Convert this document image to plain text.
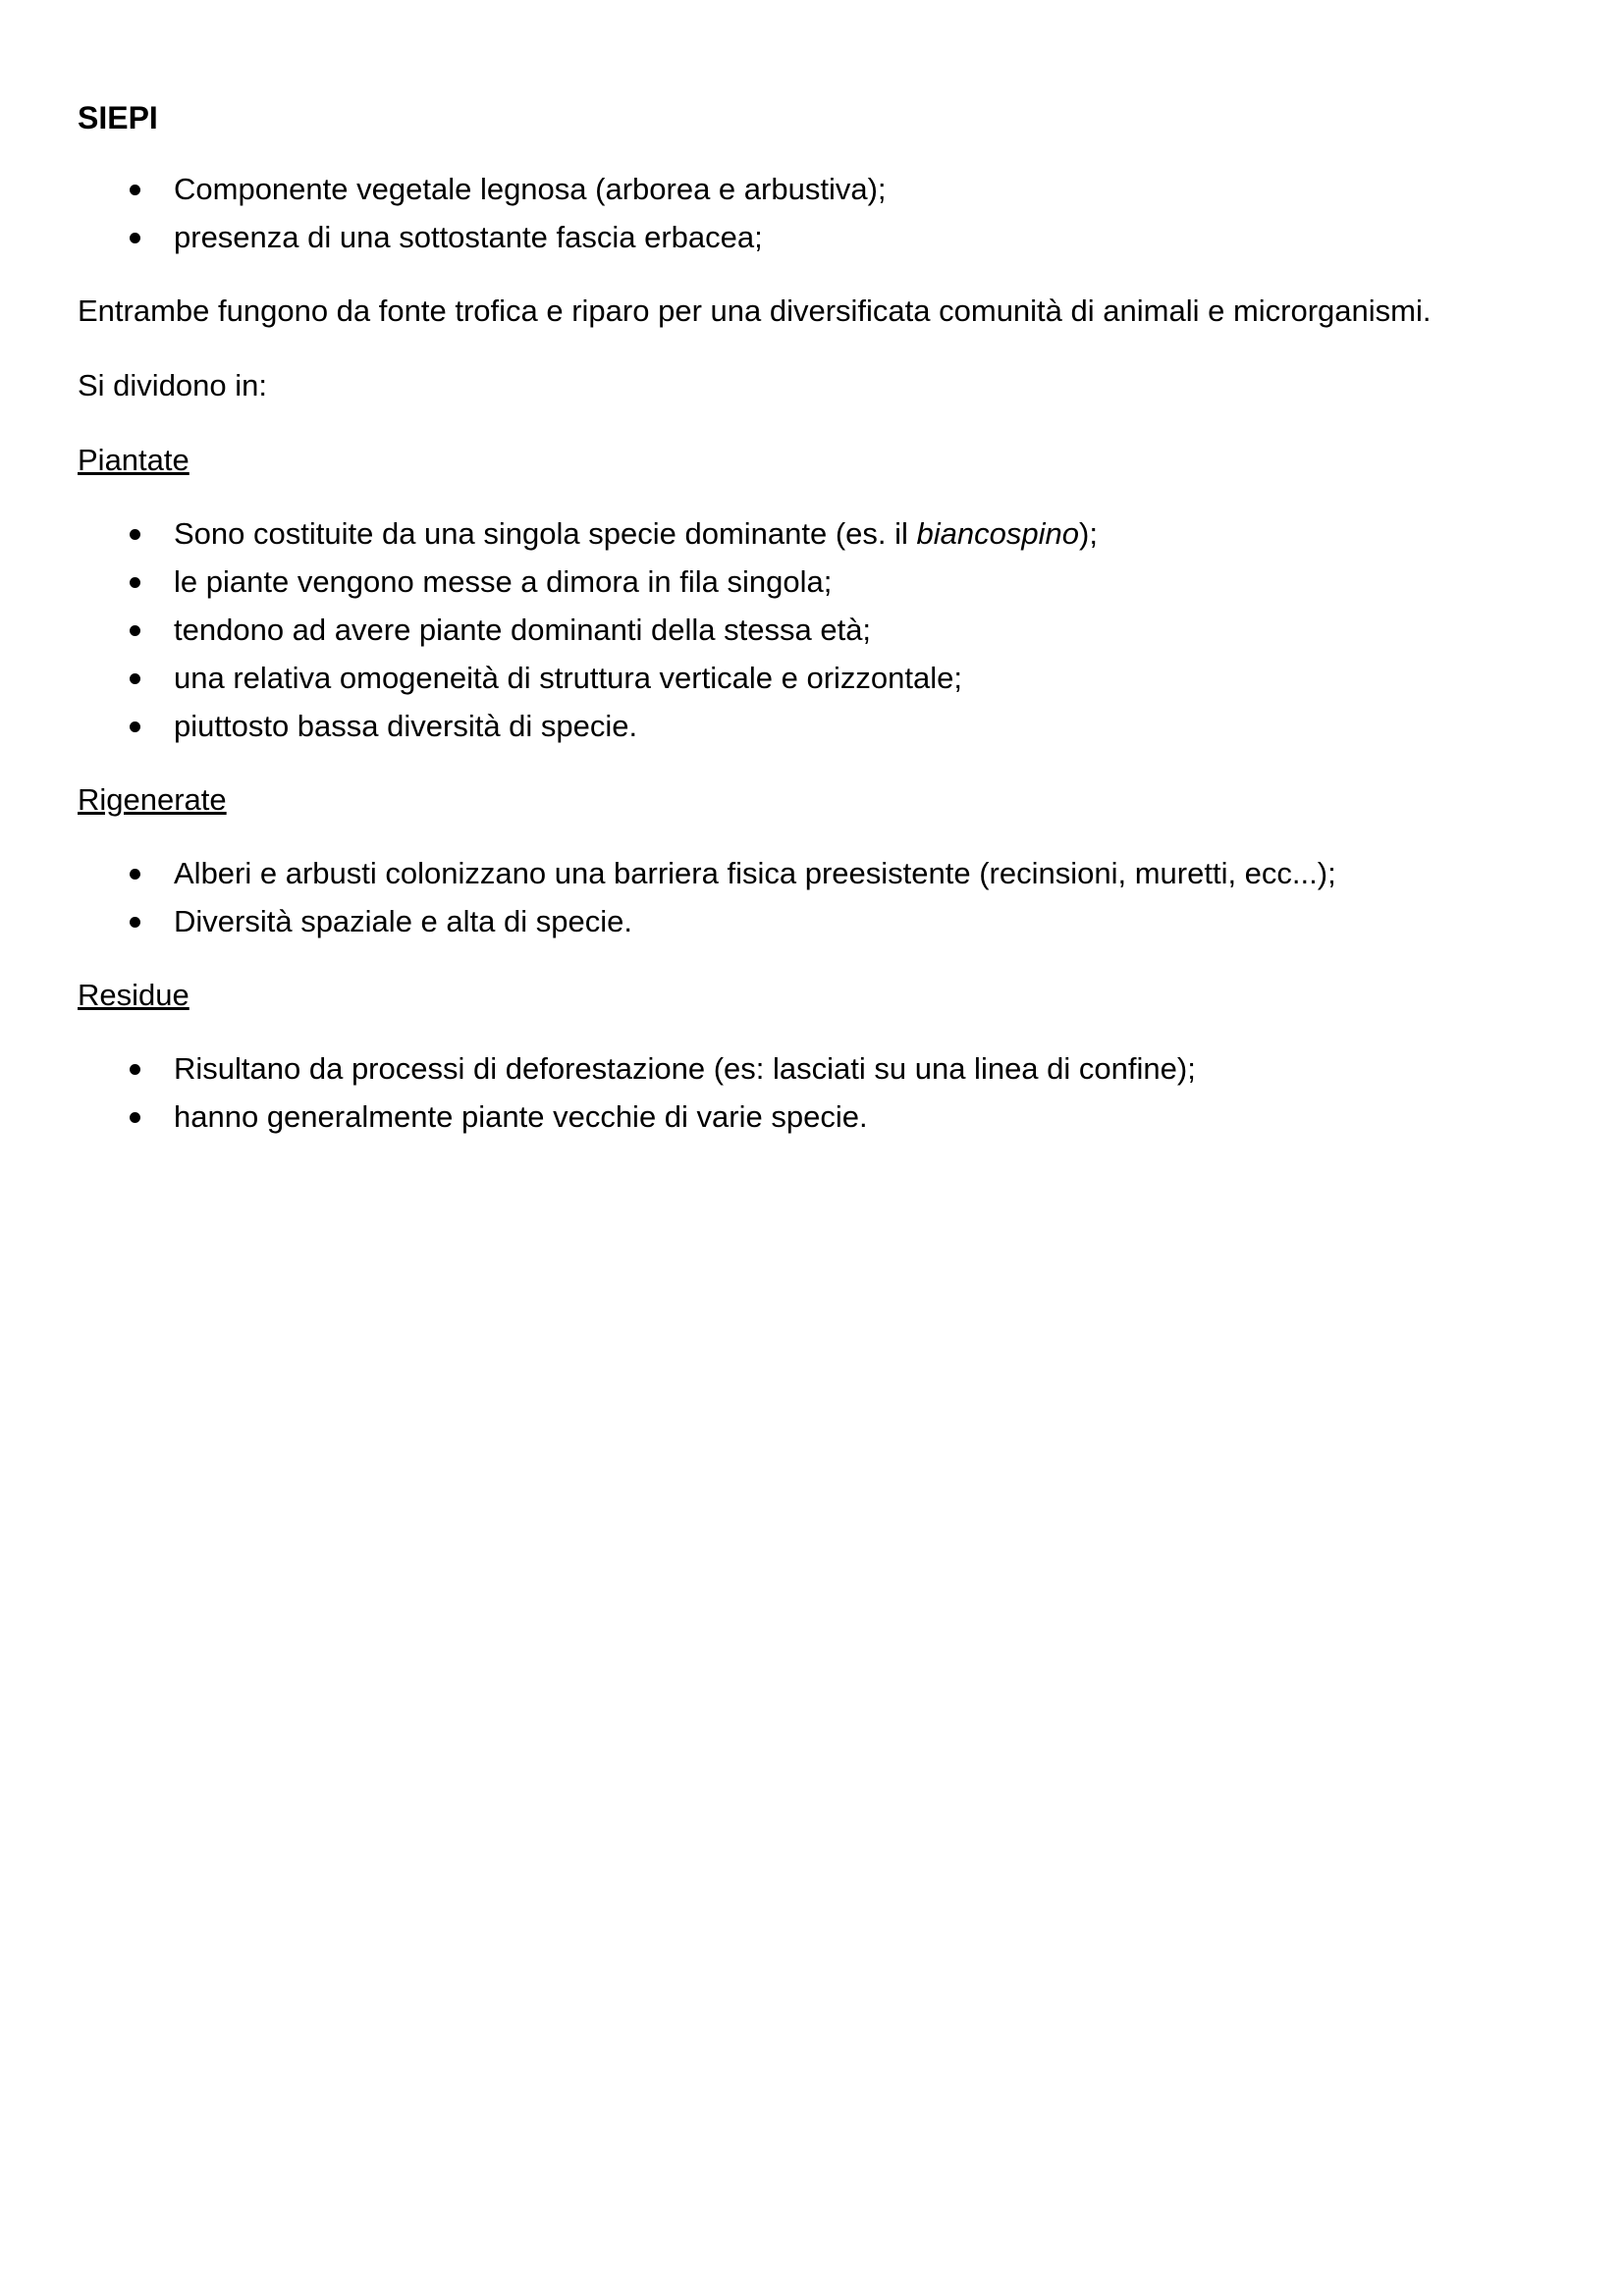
SIEPI
Componente vegetale legnosa (arborea e arbustiva);
presenza di una sottostante fascia erbacea;

Entrambe fungono da fonte trofica e riparo per una diversificata comunità di animali e microrganismi.

Si dividono in:

Piantate

Sono costituite da una singola specie dominante (es. il biancospino);
le piante vengono messe a dimora in fila singola;
tendono ad avere piante dominanti della stessa età;
una relativa omogeneità di struttura verticale e orizzontale;
piuttosto bassa diversità di specie.

Rigenerate

Alberi e arbusti colonizzano una barriera fisica preesistente (recinsioni, muretti, ecc...);
Diversità spaziale e alta di specie.

Residue

Risultano da processi di deforestazione (es: lasciati su una linea di confine);
hanno generalmente piante vecchie di varie specie.
